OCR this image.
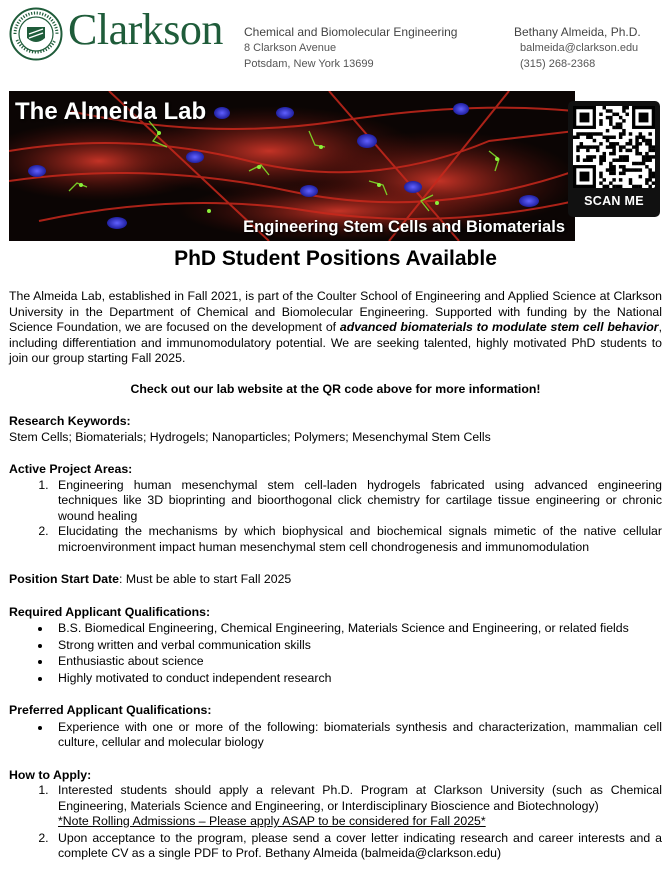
Clarkson Chemical and Biomolecular Engineering
8 Clarkson Avenue
Potsdam, New York 13699
Bethany Almeida, Ph.D.
balmeida@clarkson.edu
(315) 268-2368
The Almeida Lab
Engineering Stem Cells and Biomaterials
SCAN ME
PhD Student Positions Available

The Almeida Lab, established in Fall 2021, is part of the Coulter School of Engineering and Applied Science at Clarkson University in the Department of Chemical and Biomolecular Engineering. Supported with funding by the National Science Foundation, we are focused on the development of advanced biomaterials to modulate stem cell behavior, including differentiation and immunomodulatory potential. We are seeking talented, highly motivated PhD students to join our group starting Fall 2025.

Check out our lab website at the QR code above for more information!

Research Keywords:
Stem Cells; Biomaterials; Hydrogels; Nanoparticles; Polymers; Mesenchymal Stem Cells
Active Project Areas:
1. Engineering human mesenchymal stem cell-laden hydrogels fabricated using advanced engineering techniques like 3D bioprinting and bioorthogonal click chemistry for cartilage tissue engineering or chronic wound healing
2. Elucidating the mechanisms by which biophysical and biochemical signals mimetic of the native cellular microenvironment impact human mesenchymal stem cell chondrogenesis and immunomodulation
Position Start Date: Must be able to start Fall 2025
Required Applicant Qualifications:
• B.S. Biomedical Engineering, Chemical Engineering, Materials Science and Engineering, or related fields
• Strong written and verbal communication skills
• Enthusiastic about science
• Highly motivated to conduct independent research
Preferred Applicant Qualifications:
• Experience with one or more of the following: biomaterials synthesis and characterization, mammalian cell culture, cellular and molecular biology
How to Apply:
1. Interested students should apply a relevant Ph.D. Program at Clarkson University (such as Chemical Engineering, Materials Science and Engineering, or Interdisciplinary Bioscience and Biotechnology)
*Note Rolling Admissions – Please apply ASAP to be considered for Fall 2025*
2. Upon acceptance to the program, please send a cover letter indicating research and career interests and a complete CV as a single PDF to Prof. Bethany Almeida (balmeida@clarkson.edu)
